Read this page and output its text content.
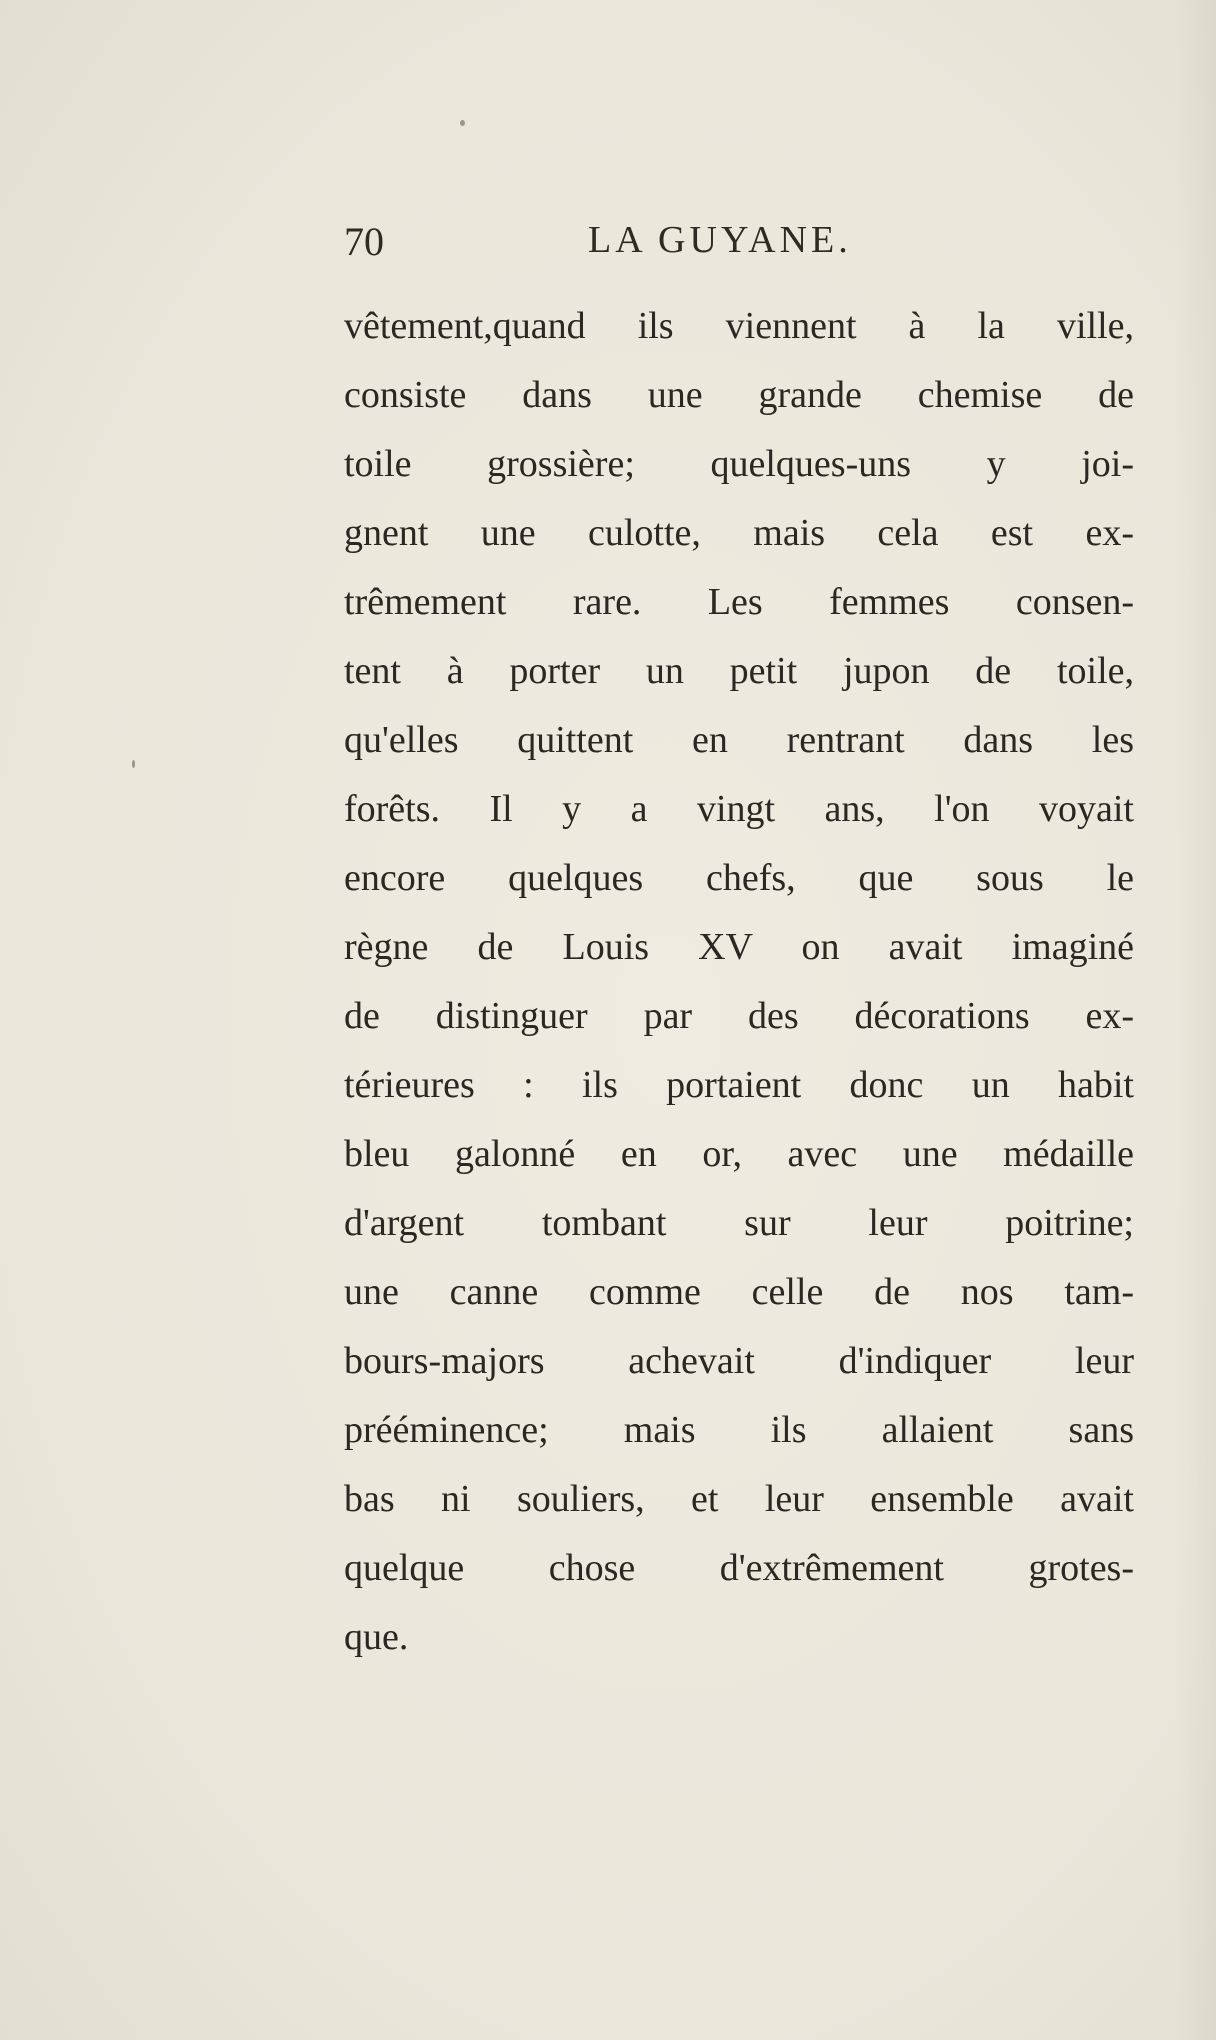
70	LA GUYANE.
vêtement,quand ils viennent à la ville,
consiste dans une grande chemise de
toile grossière; quelques-uns y joi-
gnent une culotte, mais cela est ex-
trêmement rare. Les femmes consen-
tent à porter un petit jupon de toile,
qu'elles quittent en rentrant dans les
forêts. Il y a vingt ans, l'on voyait
encore quelques chefs, que sous le
règne de Louis XV on avait imaginé
de distinguer par des décorations ex-
térieures : ils portaient donc un habit
bleu galonné en or, avec une médaille
d'argent tombant sur leur poitrine;
une canne comme celle de nos tam-
bours-majors achevait d'indiquer leur
prééminence; mais ils allaient sans
bas ni souliers, et leur ensemble avait
quelque chose d'extrêmement grotes-
que.
